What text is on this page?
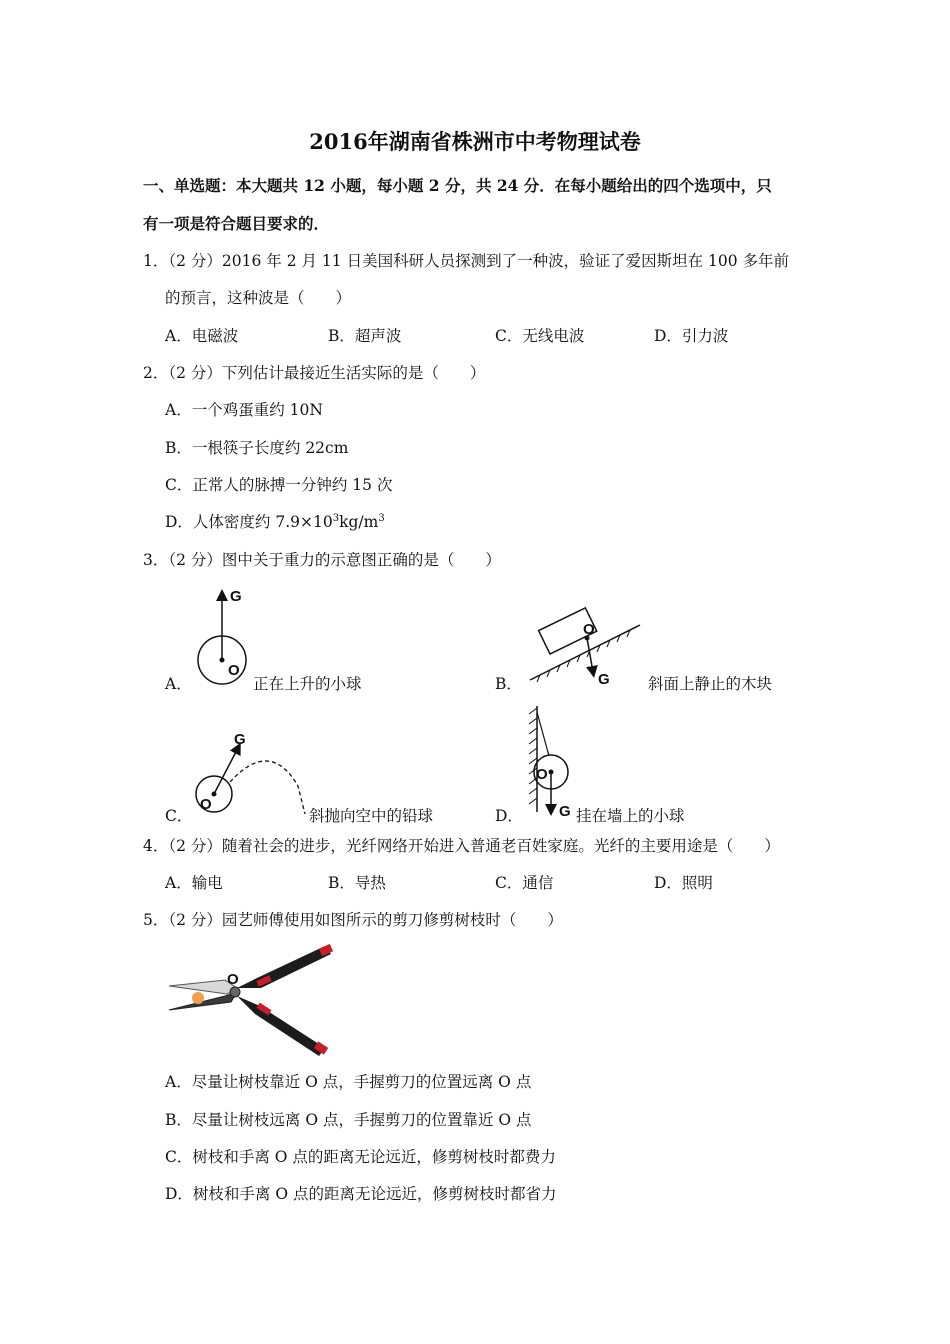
2016年湖南省株洲市中考物理试卷
一、单选题：本大题共 12 小题，每小题 2 分，共 24 分．在每小题给出的四个选项中，只
有一项是符合题目要求的．
1．（2 分）2016 年 2 月 11 日美国科研人员探测到了一种波，验证了爱因斯坦在 100 多年前
的预言，这种波是（　　）
A．电磁波	B．超声波	C．无线电波	D．引力波
2．（2 分）下列估计最接近生活实际的是（　　）
A．一个鸡蛋重约 10N
B．一根筷子长度约 22cm
C．正常人的脉搏一分钟约 15 次
D．人体密度约 $7.9\times 10^3kg/m^3$
3．（2 分）图中关于重力的示意图正确的是（　　）
G
O
A．	正在上升的小球
O
G
B．	斜面上静止的木块
G
O
C．	斜抛向空中的铅球
O
G
D．	挂在墙上的小球
4．（2 分）随着社会的进步，光纤网络开始进入普通老百姓家庭。光纤的主要用途是（　　）
A．输电	B．导热	C．通信	D．照明
5．（2 分）园艺师傅使用如图所示的剪刀修剪树枝时（　　）
O
A．尽量让树枝靠近 O 点，手握剪刀的位置远离 O 点
B．尽量让树枝远离 O 点，手握剪刀的位置靠近 O 点
C．树枝和手离 O 点的距离无论远近，修剪树枝时都费力
D．树枝和手离 O 点的距离无论远近，修剪树枝时都省力
